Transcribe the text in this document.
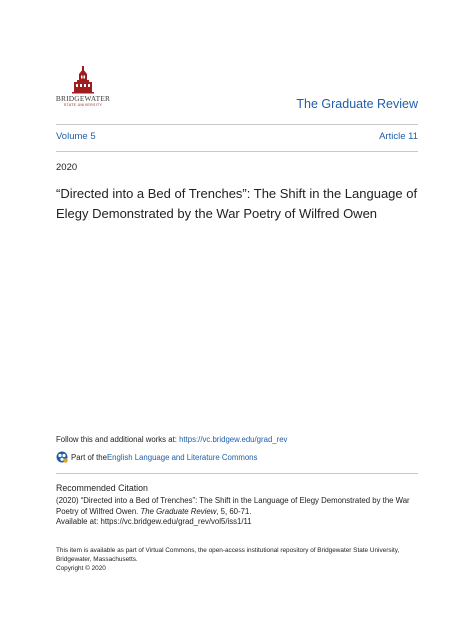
BRIDGEWATER
STATE UNIVERSITY	The Graduate Review
Volume 5	Article 11
2020
“Directed into a Bed of Trenches”: The Shift in the Language of Elegy Demonstrated by the War Poetry of Wilfred Owen
Follow this and additional works at: https://vc.bridgew.edu/grad_rev
Part of the English Language and Literature Commons
Recommended Citation
(2020) “Directed into a Bed of Trenches”: The Shift in the Language of Elegy Demonstrated by the War Poetry of Wilfred Owen. The Graduate Review, 5, 60-71.
Available at: https://vc.bridgew.edu/grad_rev/vol5/iss1/11
This item is available as part of Virtual Commons, the open-access institutional repository of Bridgewater State University, Bridgewater, Massachusetts.
Copyright © 2020
